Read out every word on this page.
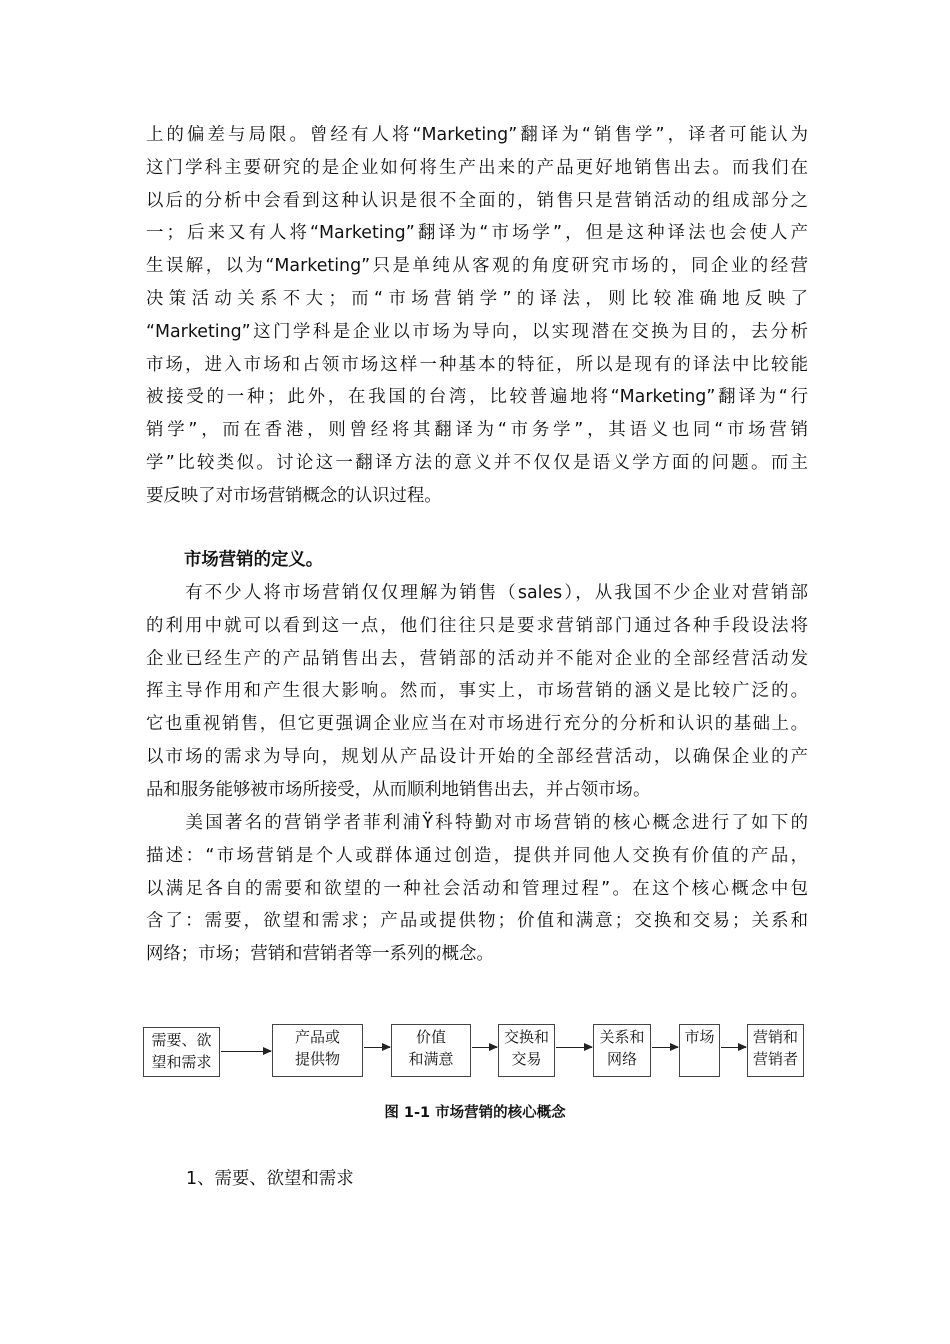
上的偏差与局限。曾经有人将“Marketing”翻译为“销售学”，译者可能认为
这门学科主要研究的是企业如何将生产出来的产品更好地销售出去。而我们在
以后的分析中会看到这种认识是很不全面的，销售只是营销活动的组成部分之
一；后来又有人将“Marketing”翻译为“市场学”，但是这种译法也会使人产
生误解，以为“Marketing”只是单纯从客观的角度研究市场的，同企业的经营
决策活动关系不大；而“市场营销学”的译法，则比较准确地反映了
“Marketing”这门学科是企业以市场为导向，以实现潜在交换为目的，去分析
市场，进入市场和占领市场这样一种基本的特征，所以是现有的译法中比较能
被接受的一种；此外，在我国的台湾，比较普遍地将“Marketing”翻译为“行
销学”，而在香港，则曾经将其翻译为“市务学”，其语义也同“市场营销
学”比较类似。讨论这一翻译方法的意义并不仅仅是语义学方面的问题。而主
要反映了对市场营销概念的认识过程。

市场营销的定义。

　　有不少人将市场营销仅仅理解为销售（sales），从我国不少企业对营销部
的利用中就可以看到这一点，他们往往只是要求营销部门通过各种手段设法将
企业已经生产的产品销售出去，营销部的活动并不能对企业的全部经营活动发
挥主导作用和产生很大影响。然而，事实上，市场营销的涵义是比较广泛的。
它也重视销售，但它更强调企业应当在对市场进行充分的分析和认识的基础上。
以市场的需求为导向，规划从产品设计开始的全部经营活动，以确保企业的产
品和服务能够被市场所接受，从而顺利地销售出去，并占领市场。
　　美国著名的营销学者菲利浦Ÿ科特勤对市场营销的核心概念进行了如下的
描述：“市场营销是个人或群体通过创造，提供并同他人交换有价值的产品，
以满足各自的需要和欲望的一种社会活动和管理过程”。在这个核心概念中包
含了：需要，欲望和需求；产品或提供物；价值和满意；交换和交易；关系和
网络；市场；营销和营销者等一系列的概念。
需要、欲
望和需求
产品或
提供物
价值
和满意
交换和
交易
关系和
网络
市场	营销和
营销者

图 1-1 市场营销的核心概念

1、需要、欲望和需求
